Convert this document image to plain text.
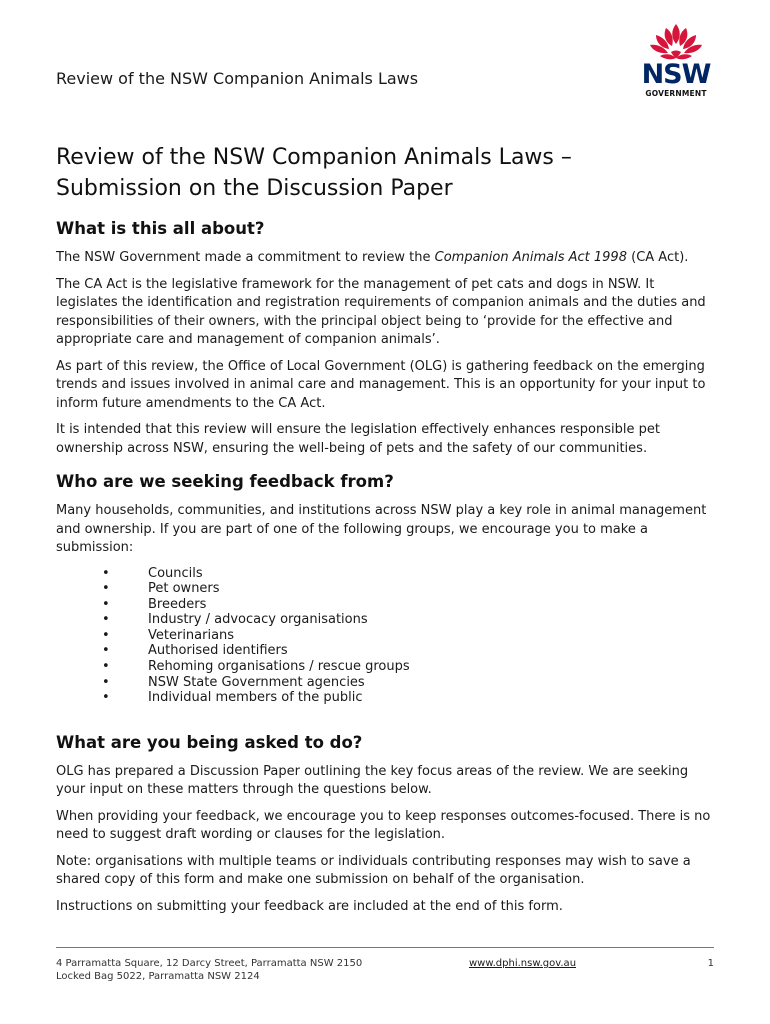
Review of the NSW Companion Animals Laws	NSW
GOVERNMENT
Review of the NSW Companion Animals Laws –
Submission on the Discussion Paper
What is this all about?

The NSW Government made a commitment to review the Companion Animals Act 1998 (CA Act).

The CA Act is the legislative framework for the management of pet cats and dogs in NSW. It legislates the identification and registration requirements of companion animals and the duties and responsibilities of their owners, with the principal object being to ‘provide for the effective and appropriate care and management of companion animals’.

As part of this review, the Office of Local Government (OLG) is gathering feedback on the emerging trends and issues involved in animal care and management. This is an opportunity for your input to inform future amendments to the CA Act.

It is intended that this review will ensure the legislation effectively enhances responsible pet ownership across NSW, ensuring the well-being of pets and the safety of our communities.

Who are we seeking feedback from?

Many households, communities, and institutions across NSW play a key role in animal management and ownership. If you are part of one of the following groups, we encourage you to make a submission:

• Councils
• Pet owners
• Breeders
• Industry / advocacy organisations
• Veterinarians
• Authorised identifiers
• Rehoming organisations / rescue groups
• NSW State Government agencies
• Individual members of the public
What are you being asked to do?

OLG has prepared a Discussion Paper outlining the key focus areas of the review. We are seeking your input on these matters through the questions below.

When providing your feedback, we encourage you to keep responses outcomes-focused. There is no need to suggest draft wording or clauses for the legislation.

Note: organisations with multiple teams or individuals contributing responses may wish to save a shared copy of this form and make one submission on behalf of the organisation.

Instructions on submitting your feedback are included at the end of this form.

4 Parramatta Square, 12 Darcy Street, Parramatta NSW 2150
Locked Bag 5022, Parramatta NSW 2124
www.dphi.nsw.gov.au	1
